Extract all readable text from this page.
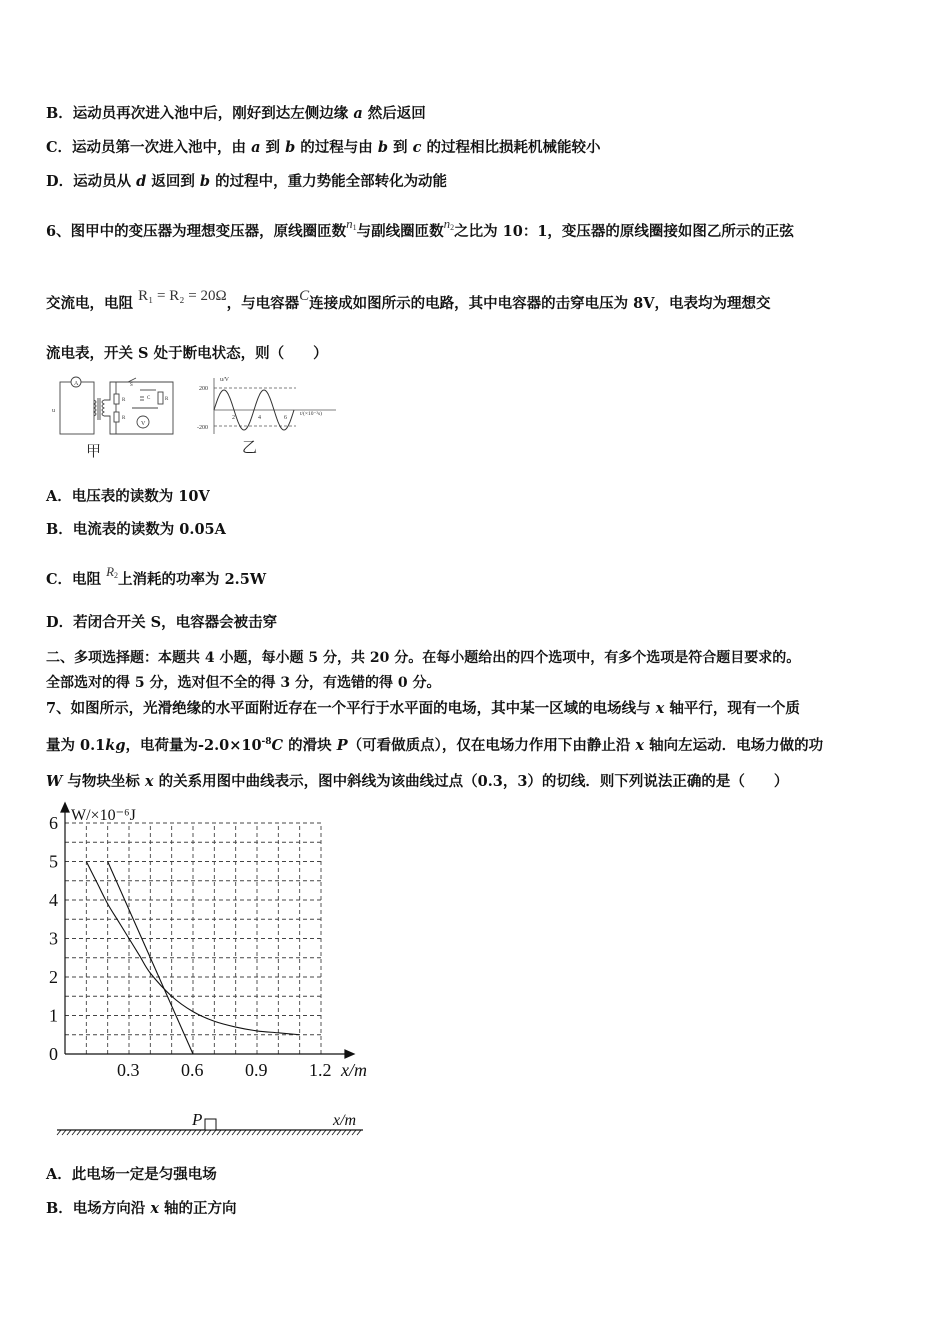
B．运动员再次进入池中后，刚好到达左侧边缘 a 然后返回
C．运动员第一次进入池中，由 a 到 b 的过程与由 b 到 c 的过程相比损耗机械能较小
D．运动员从 d 返回到 b 的过程中，重力势能全部转化为动能
6、图甲中的变压器为理想变压器，原线圈匝数$n_1$与副线圈匝数$n_2$之比为 10：1，变压器的原线圈接如图乙所示的正弦
交流电，电阻 R₁ = R₂ = 20Ω，与电容器C连接成如图所示的电路，其中电容器的击穿电压为 8V，电表均为理想交
流电表，开关 S 处于断电状态，则（　　）
A
V
u
R
R
C	R
S
甲
u/V
200
-200
2	4	6
t/(×10⁻²s)
乙
A．电压表的读数为 10V
B．电流表的读数为 0.05A
C．电阻 $R_2$上消耗的功率为 2.5W
D．若闭合开关 S，电容器会被击穿
二、多项选择题：本题共 4 小题，每小题 5 分，共 20 分。在每小题给出的四个选项中，有多个选项是符合题目要求的。
全部选对的得 5 分，选对但不全的得 3 分，有选错的得 0 分。
7、如图所示，光滑绝缘的水平面附近存在一个平行于水平面的电场，其中某一区域的电场线与 x 轴平行，现有一个质
量为 0.1kg，电荷量为$-2.0\times 10^{-8}C$ 的滑块 P（可看做质点），仅在电场力作用下由静止沿 x 轴向左运动．电场力做的功
W 与物块坐标 x 的关系用图中曲线表示，图中斜线为该曲线过点（0.3，3）的切线．则下列说法正确的是（　　）
0
1
2
3
4
5
6
0.3 0.6 0.9 1.2 x/m
W/×10⁻⁶J
P	x/m
A．此电场一定是匀强电场
B．电场方向沿 x 轴的正方向
